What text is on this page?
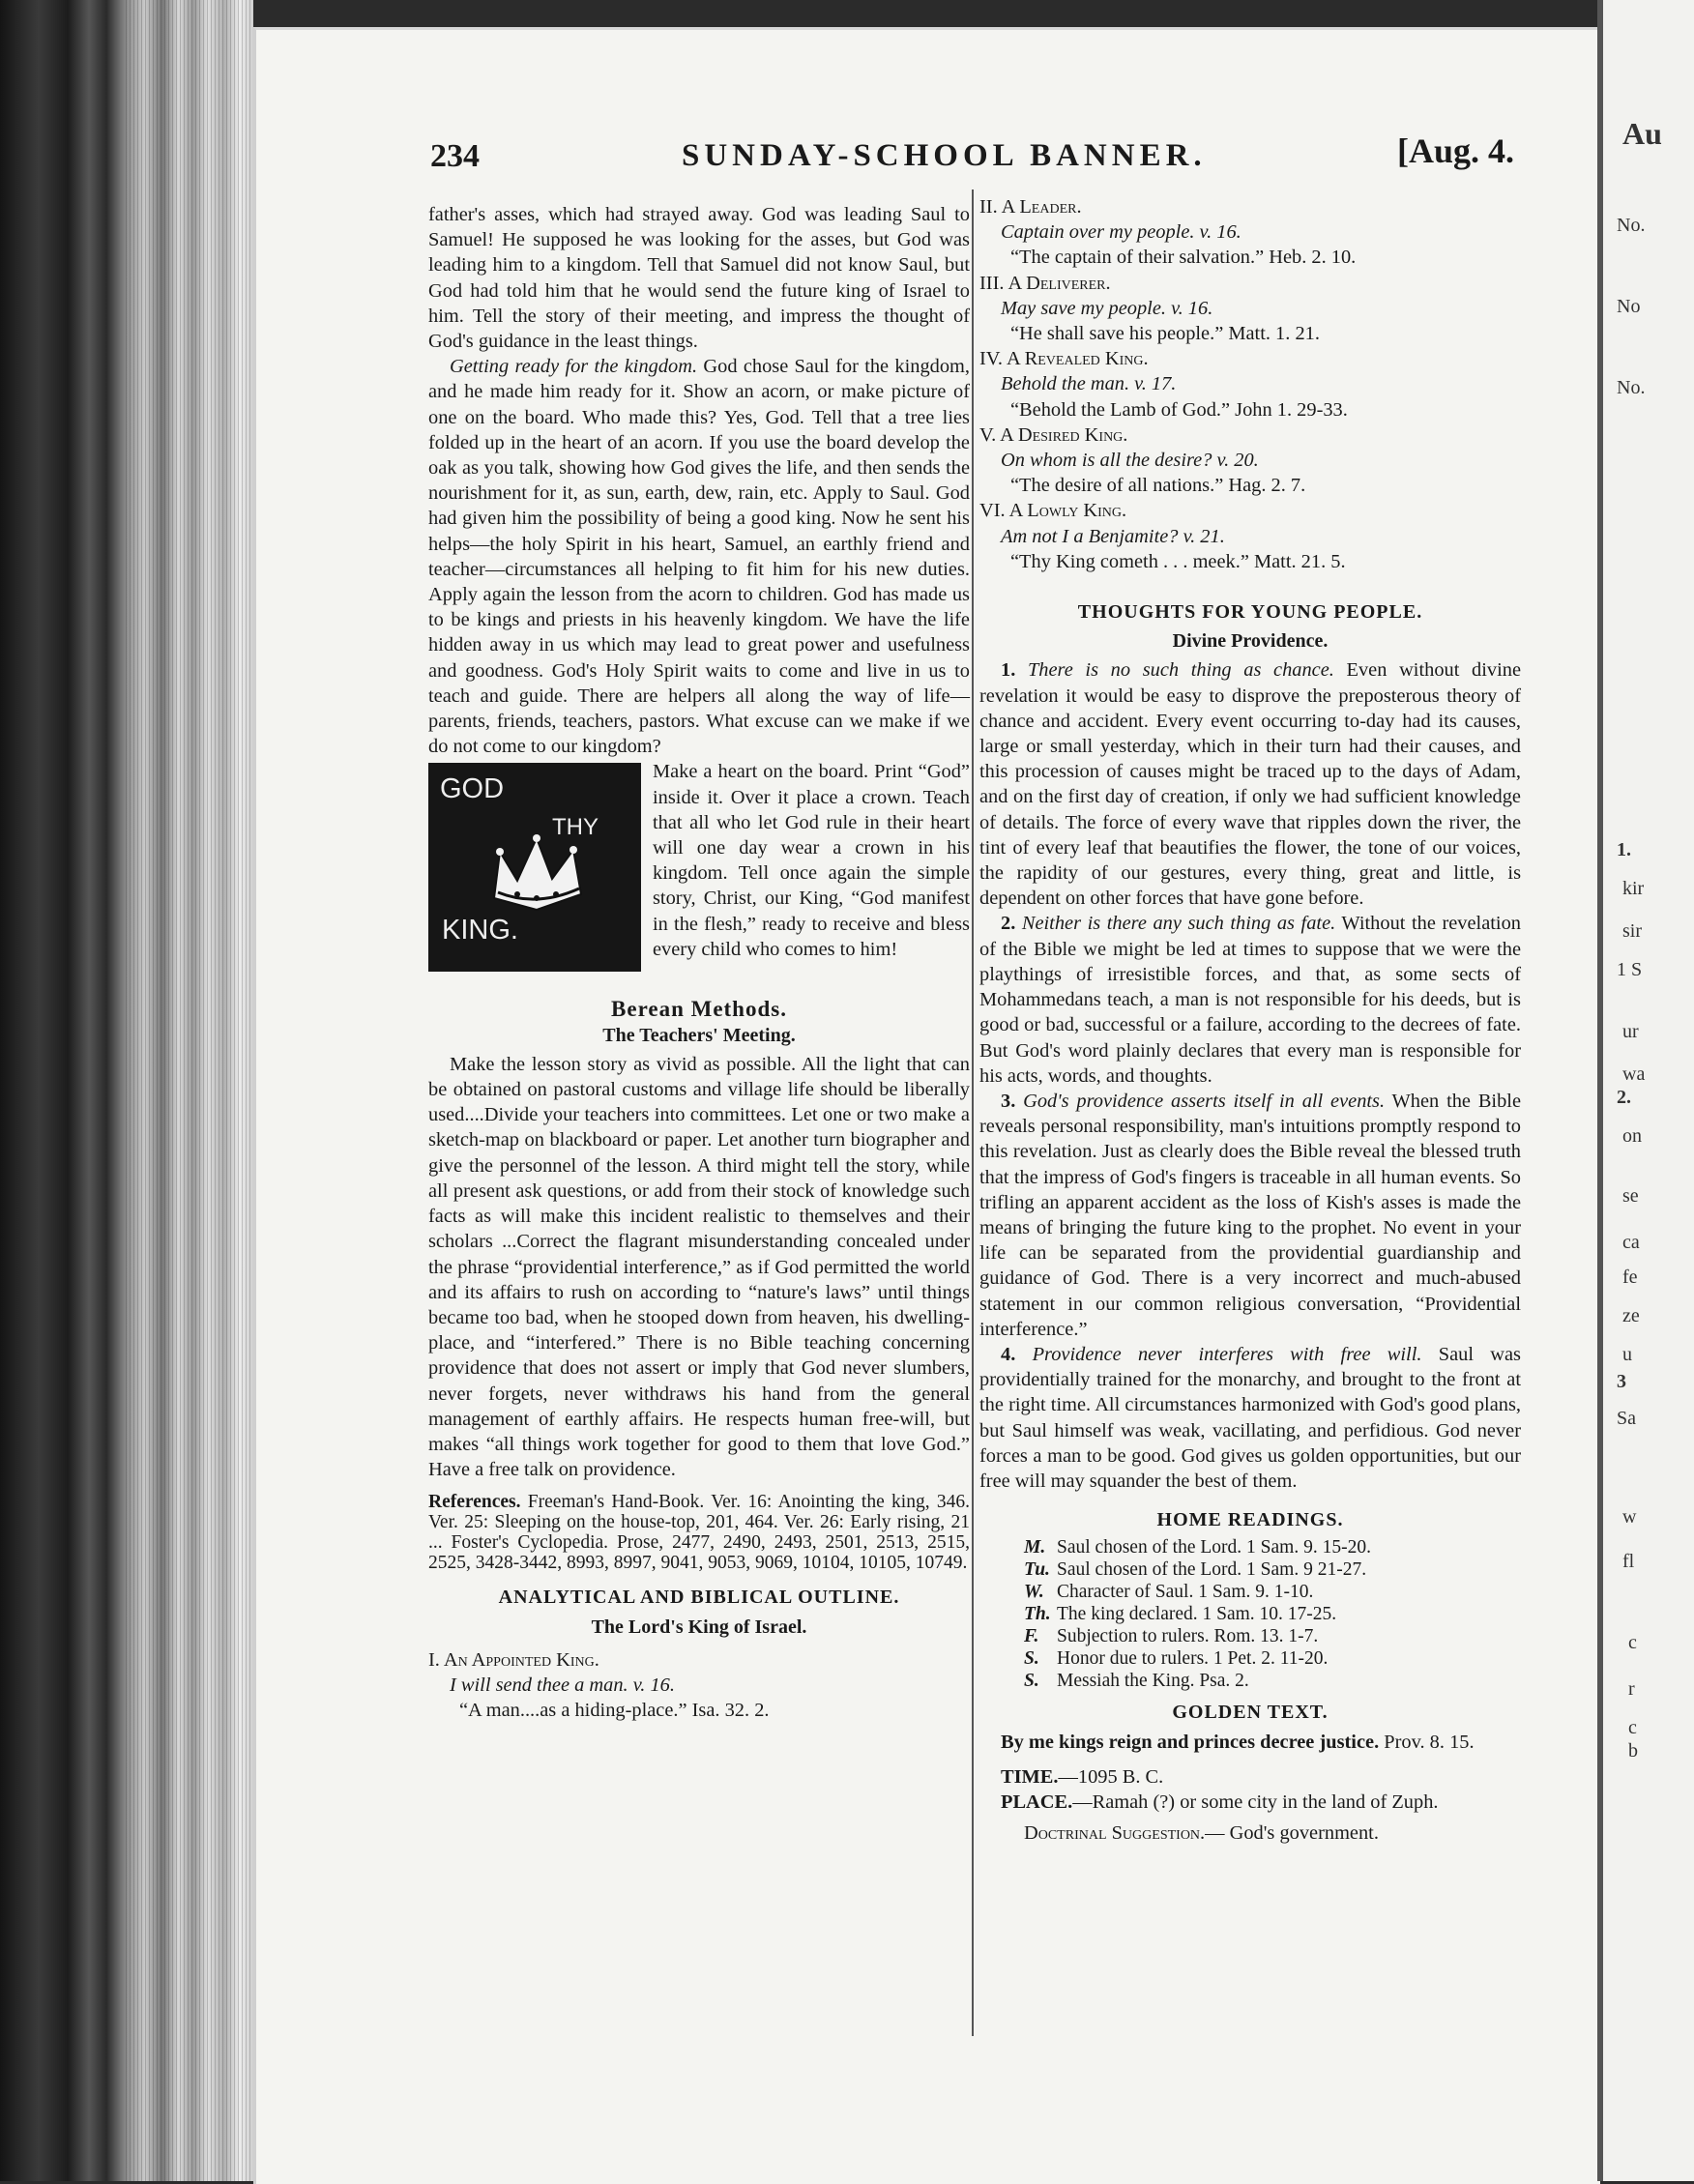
234	SUNDAY-SCHOOL BANNER.	[Aug. 4.

father's asses, which had strayed away. God was leading Saul to Samuel! He supposed he was looking for the asses, but God was leading him to a kingdom. Tell that Samuel did not know Saul, but God had told him that he would send the future king of Israel to him. Tell the story of their meeting, and impress the thought of God's guidance in the least things.

Getting ready for the kingdom. God chose Saul for the kingdom, and he made him ready for it. Show an acorn, or make picture of one on the board. Who made this? Yes, God. Tell that a tree lies folded up in the heart of an acorn. If you use the board develop the oak as you talk, showing how God gives the life, and then sends the nourishment for it, as sun, earth, dew, rain, etc. Apply to Saul. God had given him the possibility of being a good king. Now he sent his helps—the holy Spirit in his heart, Samuel, an earthly friend and teacher—circumstances all helping to fit him for his new duties. Apply again the lesson from the acorn to children. God has made us to be kings and priests in his heavenly kingdom. We have the life hidden away in us which may lead to great power and usefulness and goodness. God's Holy Spirit waits to come and live in us to teach and guide. There are helpers all along the way of life—parents, friends, teachers, pastors. What excuse can we make if we do not come to our kingdom?

GOD
THY
KING.

Make a heart on the board. Print “God” inside it. Over it place a crown. Teach that all who let God rule in their heart will one day wear a crown in his kingdom. Tell once again the simple story, Christ, our King, “God manifest in the flesh,” ready to receive and bless every child who comes to him!

Berean Methods.

The Teachers' Meeting.

Make the lesson story as vivid as possible. All the light that can be obtained on pastoral customs and village life should be liberally used....Divide your teachers into committees. Let one or two make a sketch-map on blackboard or paper. Let another turn biographer and give the personnel of the lesson. A third might tell the story, while all present ask questions, or add from their stock of knowledge such facts as will make this incident realistic to themselves and their scholars ...Correct the flagrant misunderstanding concealed under the phrase “providential interference,” as if God permitted the world and its affairs to rush on according to “nature's laws” until things became too bad, when he stooped down from heaven, his dwelling-place, and “interfered.” There is no Bible teaching concerning providence that does not assert or imply that God never slumbers, never forgets, never withdraws his hand from the general management of earthly affairs. He respects human free-will, but makes “all things work together for good to them that love God.” Have a free talk on providence.

References. Freeman's Hand-Book. Ver. 16: Anointing the king, 346. Ver. 25: Sleeping on the house-top, 201, 464. Ver. 26: Early rising, 21 ... Foster's Cyclopedia. Prose, 2477, 2490, 2493, 2501, 2513, 2515, 2525, 3428-3442, 8993, 8997, 9041, 9053, 9069, 10104, 10105, 10749.

ANALYTICAL AND BIBLICAL OUTLINE.

The Lord's King of Israel.

I. An Appointed King.

I will send thee a man. v. 16.

“A man....as a hiding-place.” Isa. 32. 2.

II. A Leader.

Captain over my people. v. 16.

“The captain of their salvation.” Heb. 2. 10.

III. A Deliverer.

May save my people. v. 16.

“He shall save his people.” Matt. 1. 21.

IV. A Revealed King.

Behold the man. v. 17.

“Behold the Lamb of God.” John 1. 29-33.

V. A Desired King.

On whom is all the desire? v. 20.

“The desire of all nations.” Hag. 2. 7.

VI. A Lowly King.

Am not I a Benjamite? v. 21.

“Thy King cometh . . . meek.” Matt. 21. 5.

THOUGHTS FOR YOUNG PEOPLE.

Divine Providence.

1. There is no such thing as chance. Even without divine revelation it would be easy to disprove the preposterous theory of chance and accident. Every event occurring to-day had its causes, large or small yesterday, which in their turn had their causes, and this procession of causes might be traced up to the days of Adam, and on the first day of creation, if only we had sufficient knowledge of details. The force of every wave that ripples down the river, the tint of every leaf that beautifies the flower, the tone of our voices, the rapidity of our gestures, every thing, great and little, is dependent on other forces that have gone before.

2. Neither is there any such thing as fate. Without the revelation of the Bible we might be led at times to suppose that we were the playthings of irresistible forces, and that, as some sects of Mohammedans teach, a man is not responsible for his deeds, but is good or bad, successful or a failure, according to the decrees of fate. But God's word plainly declares that every man is responsible for his acts, words, and thoughts.

3. God's providence asserts itself in all events. When the Bible reveals personal responsibility, man's intuitions promptly respond to this revelation. Just as clearly does the Bible reveal the blessed truth that the impress of God's fingers is traceable in all human events. So trifling an apparent accident as the loss of Kish's asses is made the means of bringing the future king to the prophet. No event in your life can be separated from the providential guardianship and guidance of God. There is a very incorrect and much-abused statement in our common religious conversation, “Providential interference.”

4. Providence never interferes with free will. Saul was providentially trained for the monarchy, and brought to the front at the right time. All circumstances harmonized with God's good plans, but Saul himself was weak, vacillating, and perfidious. God never forces a man to be good. God gives us golden opportunities, but our free will may squander the best of them.

HOME READINGS.

M. Saul chosen of the Lord. 1 Sam. 9. 15-20.
Tu. Saul chosen of the Lord. 1 Sam. 9 21-27.
W. Character of Saul. 1 Sam. 9. 1-10.
Th. The king declared. 1 Sam. 10. 17-25.
F. Subjection to rulers. Rom. 13. 1-7.
S. Honor due to rulers. 1 Pet. 2. 11-20.
S. Messiah the King. Psa. 2.

GOLDEN TEXT.

By me kings reign and princes decree justice. Prov. 8. 15.

TIME.—1095 B. C.

PLACE.—Ramah (?) or some city in the land of Zuph.

Doctrinal Suggestion.— God's government.

Au
No.
No
No.
1.
kir
sir
1 S
ur
wa
2.
on
se
ca
fe
ze
u
3
Sa
w
fl
c
r
c
b
